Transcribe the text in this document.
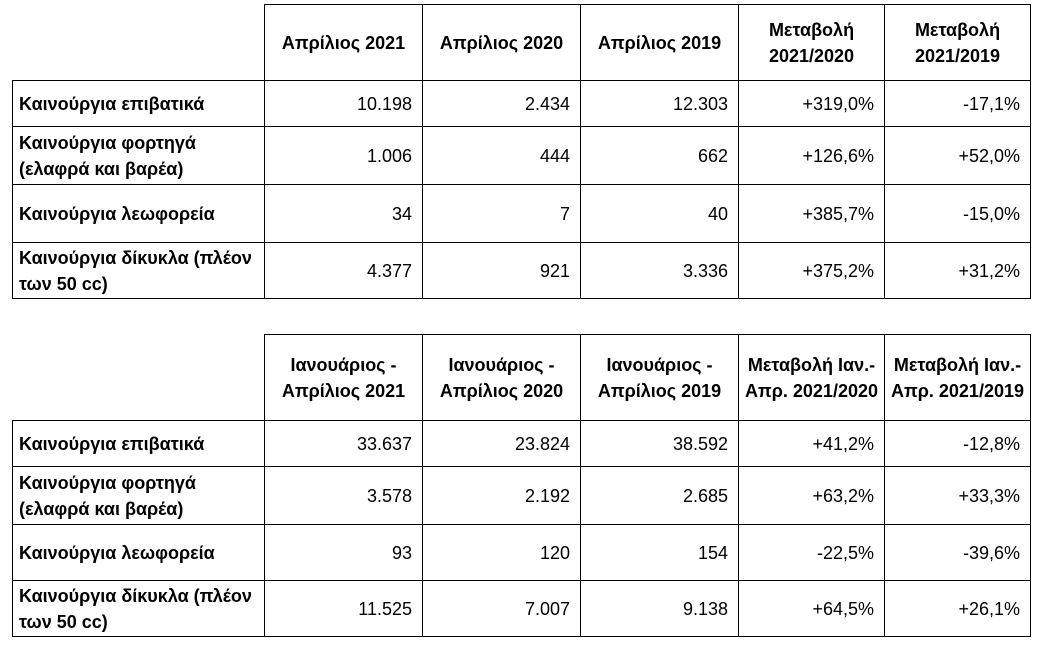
	Απρίλιος 2021	Απρίλιος 2020	Απρίλιος 2019	Μεταβολή 2021/2020	Μεταβολή 2021/2019
Καινούργια επιβατικά	10.198	2.434	12.303	+319,0%	-17,1%
Καινούργια φορτηγά (ελαφρά και βαρέα)	1.006	444	662	+126,6%	+52,0%
Καινούργια λεωφορεία	34	7	40	+385,7%	-15,0%
Καινούργια δίκυκλα (πλέον των 50 cc)	4.377	921	3.336	+375,2%	+31,2%
	Ιανουάριος - Απρίλιος 2021	Ιανουάριος - Απρίλιος 2020	Ιανουάριος - Απρίλιος 2019	Μεταβολή Ιαν.-Απρ. 2021/2020	Μεταβολή Ιαν.-Απρ. 2021/2019
Καινούργια επιβατικά	33.637	23.824	38.592	+41,2%	-12,8%
Καινούργια φορτηγά (ελαφρά και βαρέα)	3.578	2.192	2.685	+63,2%	+33,3%
Καινούργια λεωφορεία	93	120	154	-22,5%	-39,6%
Καινούργια δίκυκλα (πλέον των 50 cc)	11.525	7.007	9.138	+64,5%	+26,1%
